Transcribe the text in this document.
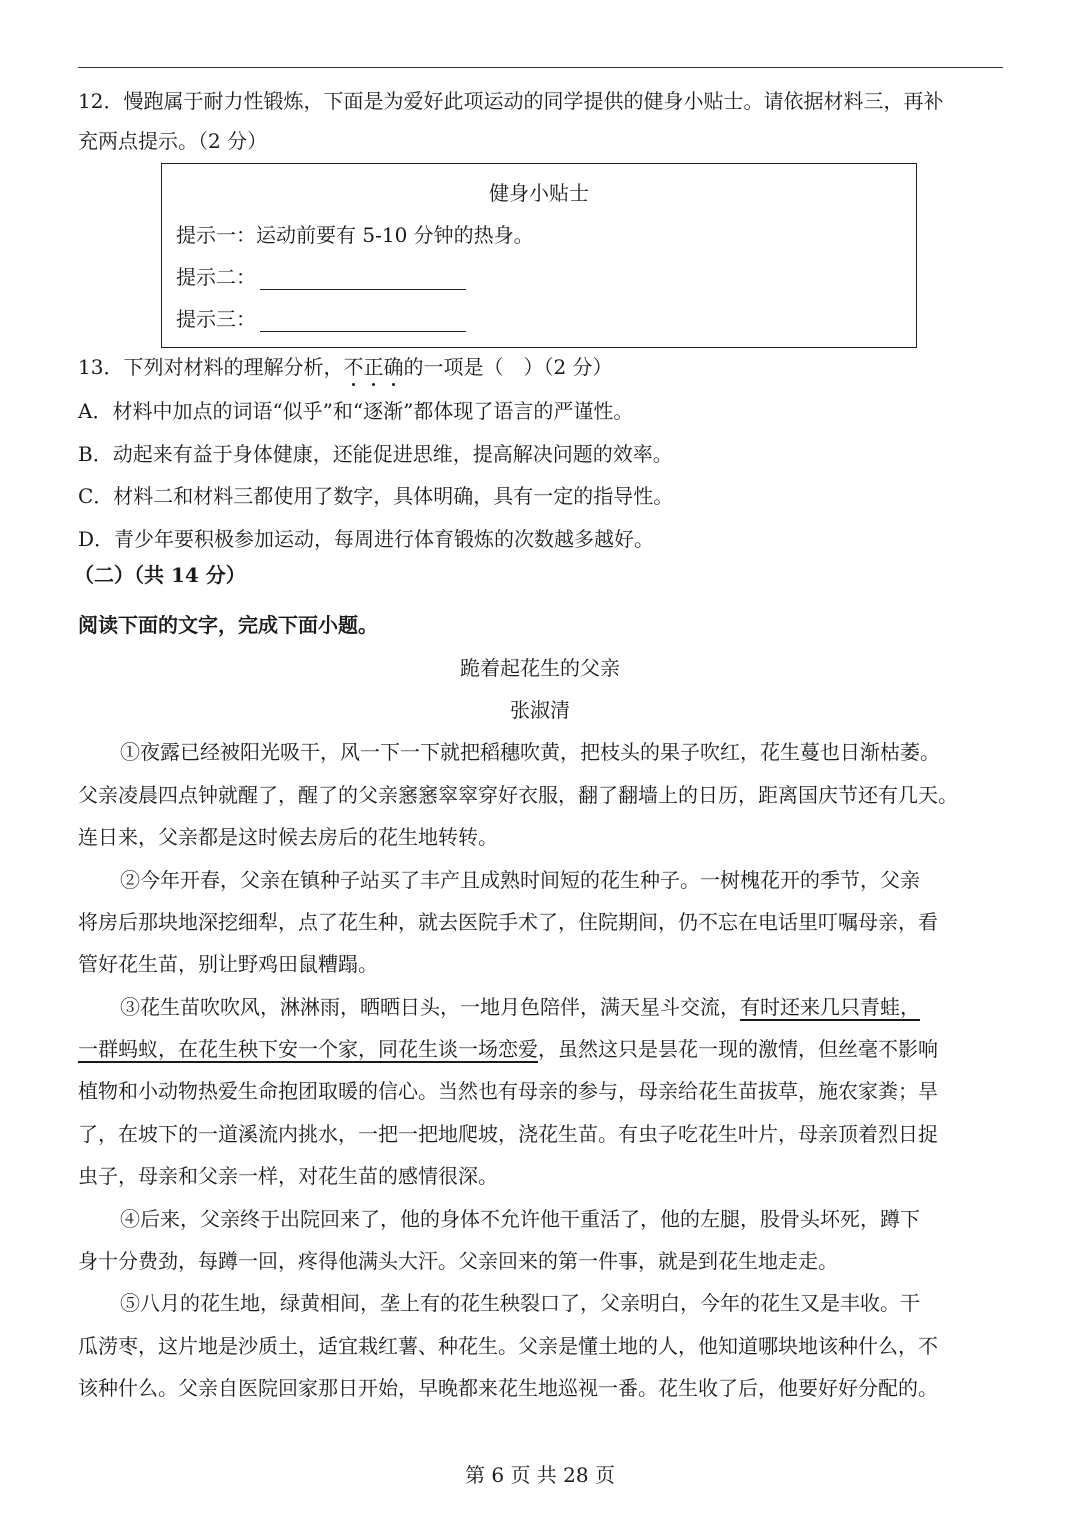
12．慢跑属于耐力性锻炼，下面是为爱好此项运动的同学提供的健身小贴士。请依据材料三，再补
充两点提示。（2 分）
健身小贴士
提示一：运动前要有 5-10 分钟的热身。
提示二：
提示三：
13．下列对材料的理解分析，不正确的一项是（　）（2 分）
A．材料中加点的词语“似乎”和“逐渐”都体现了语言的严谨性。
B．动起来有益于身体健康，还能促进思维，提高解决问题的效率。
C．材料二和材料三都使用了数字，具体明确，具有一定的指导性。
D．青少年要积极参加运动，每周进行体育锻炼的次数越多越好。
（二）（共 14 分）
阅读下面的文字，完成下面小题。
跪着起花生的父亲
张淑清
①夜露已经被阳光吸干，风一下一下就把稻穗吹黄，把枝头的果子吹红，花生蔓也日渐枯萎。
父亲凌晨四点钟就醒了，醒了的父亲窸窸窣窣穿好衣服，翻了翻墙上的日历，距离国庆节还有几天。
连日来，父亲都是这时候去房后的花生地转转。
②今年开春，父亲在镇种子站买了丰产且成熟时间短的花生种子。一树槐花开的季节，父亲
将房后那块地深挖细犁，点了花生种，就去医院手术了，住院期间，仍不忘在电话里叮嘱母亲，看
管好花生苗，别让野鸡田鼠糟蹋。
③花生苗吹吹风，淋淋雨，晒晒日头，一地月色陪伴，满天星斗交流，有时还来几只青蛙，
一群蚂蚁，在花生秧下安一个家，同花生谈一场恋爱，虽然这只是昙花一现的激情，但丝毫不影响
植物和小动物热爱生命抱团取暖的信心。当然也有母亲的参与，母亲给花生苗拔草，施农家粪；旱
了，在坡下的一道溪流内挑水，一把一把地爬坡，浇花生苗。有虫子吃花生叶片，母亲顶着烈日捉
虫子，母亲和父亲一样，对花生苗的感情很深。
④后来，父亲终于出院回来了，他的身体不允许他干重活了，他的左腿，股骨头坏死，蹲下
身十分费劲，每蹲一回，疼得他满头大汗。父亲回来的第一件事，就是到花生地走走。
⑤八月的花生地，绿黄相间，垄上有的花生秧裂口了，父亲明白，今年的花生又是丰收。干
瓜涝枣，这片地是沙质土，适宜栽红薯、种花生。父亲是懂土地的人，他知道哪块地该种什么，不
该种什么。父亲自医院回家那日开始，早晚都来花生地巡视一番。花生收了后，他要好好分配的。
第 6 页 共 28 页
